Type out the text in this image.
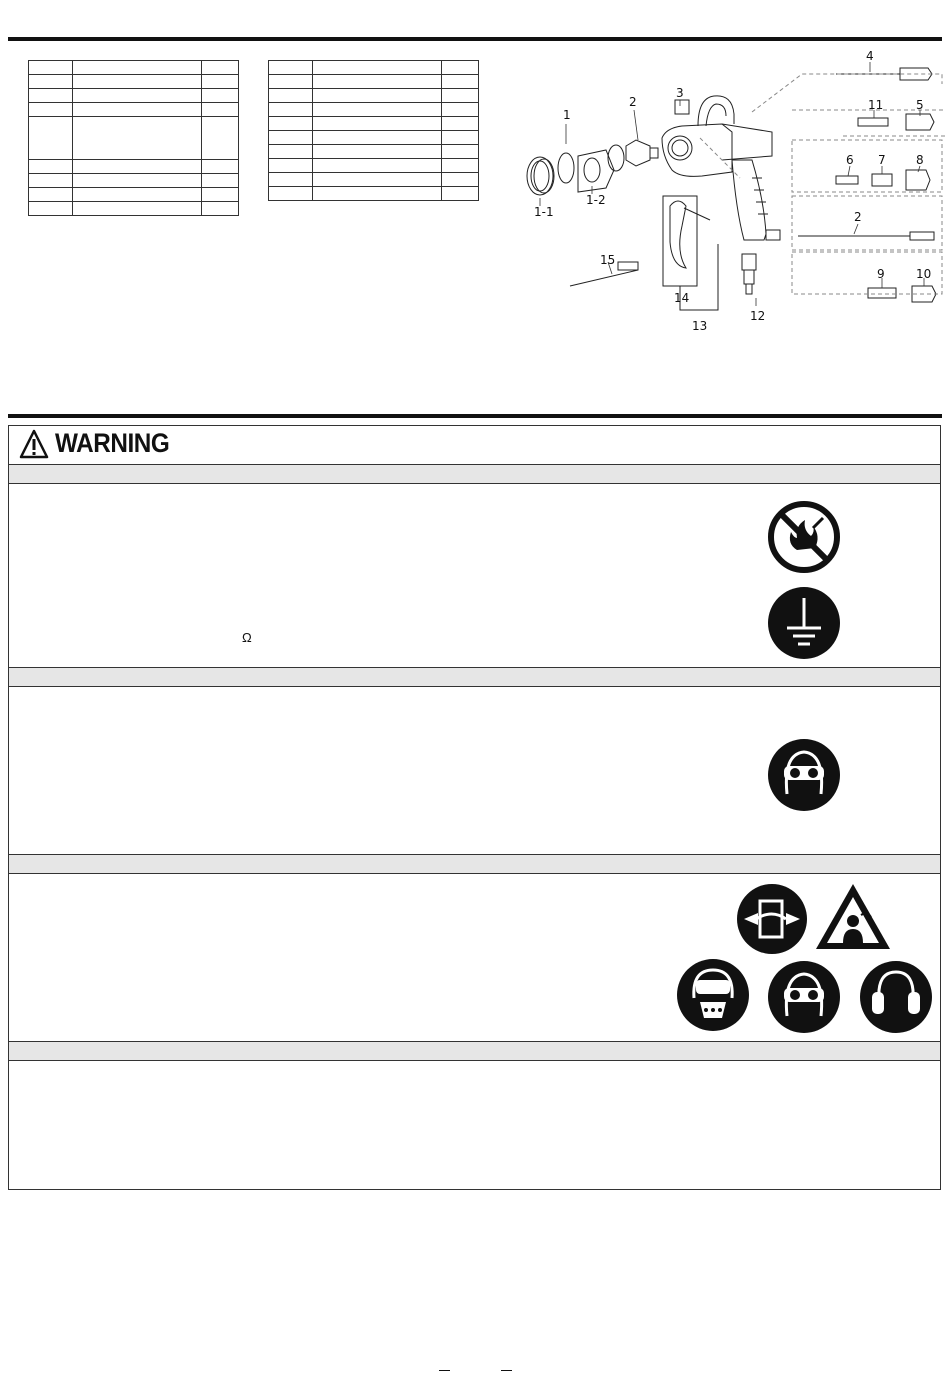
1
1-1
1-2
2
3
4
5
6 7	8
2
9	10
11
12
13
14
15
WARNING
Ω
